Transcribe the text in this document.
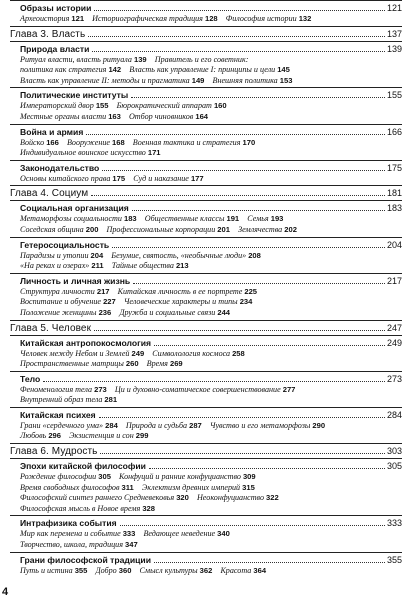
Образы истории	121
Археоистория 121  Историографическая традиция 128  Философия истории 132
Глава 3. Власть	137
Природа власти	139
Ритуал власти, власть ритуала 139  Правитель и его советник:
политика как стратегия 142  Власть как управление I: принципы и цели 145
Власть как управление II: методы и прагматика 149  Внешняя политика 153
Политические институты	155
Императорский двор 155  Бюрократический аппарат 160
Местные органы власти 163  Отбор чиновников 164
Война и армия	166
Войско 166  Вооружение 168  Военная тактика и стратегия 170
Индивидуальное воинское искусство 171
Законодательство	175
Основы китайского права 175  Суд и наказание 177
Глава 4. Социум	181
Социальная организация	183
Метаморфозы социальности 183  Общественные классы 191  Семья 193
Соседская община 200  Профессиональные корпорации 201  Землячества 202
Гетеросоциальность	204
Парадизы и утопии 204  Безумие, святость, «необычные люди» 208
«На реках и озерах» 211  Тайные общества 213
Личность и личная жизнь	217
Структура личности 217  Китайская личность в ее портрете 225
Воспитание и обучение 227  Человеческие характеры и типы 234
Положение женщины 236  Дружба и социальные связи 244
Глава 5. Человек	247
Китайская антропокосмология	249
Человек между Небом и Землей 249  Символология космоса 258
Пространственные матрицы 260  Время 269
Тело	273
Феноменология тела 273  Ци и духовно-соматическое совершенствование 277
Внутренний образ тела 281
Китайская психея	284
Грани «сердечного ума» 284  Природа и судьба 287  Чувство и его метаморфозы 290
Любовь 296  Экзистенция и сон 299
Глава 6. Мудрость	303
Эпохи китайской философии	305
Рождение философии 305  Конфуций и ранние конфуцианство 309
Время свободных философов 311  Эклектизм древних империй 315
Философский синтез раннего Средневековья 320  Неоконфуцианство 322
Философская мысль в Новое время 328
Интрафизика события	333
Мир как перемена и событие 333  Ведающее неведение 340
Творчество, школа, традиция 347
Грани философской традиции	355
Путь и истина 355  Добро 360  Смысл культуры 362  Красота 364
4
